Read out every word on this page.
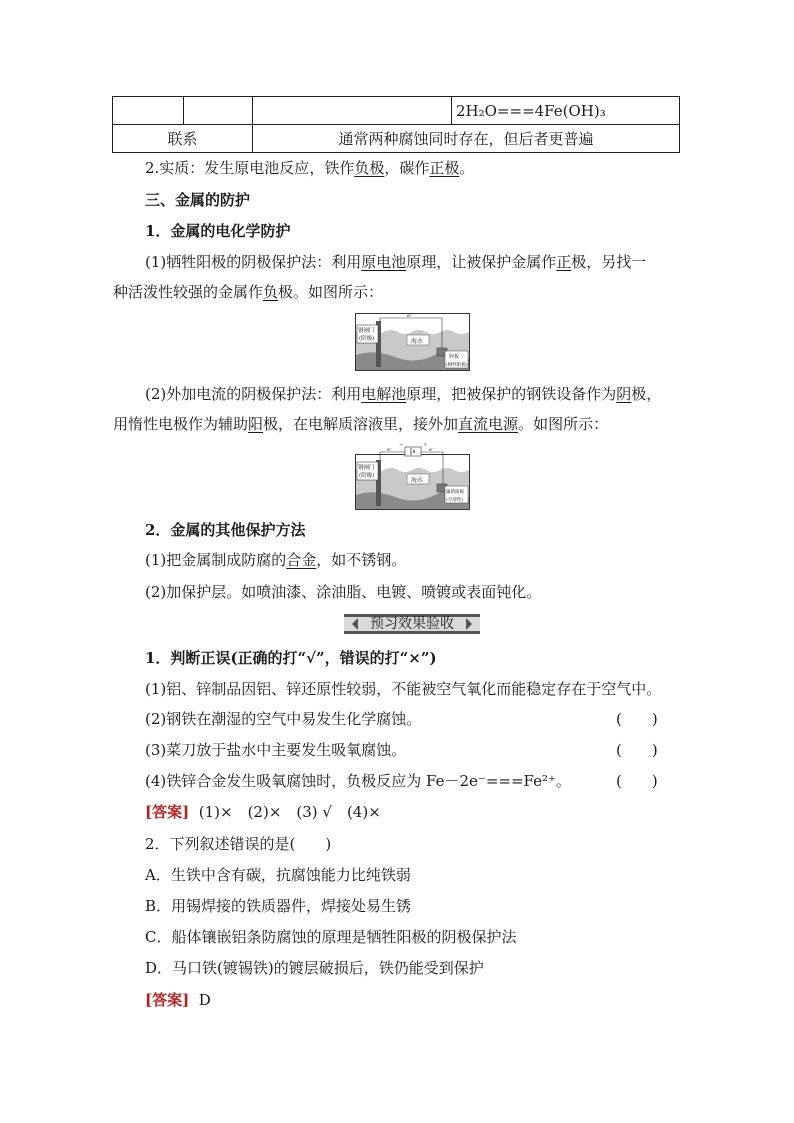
			2H₂O===4Fe(OH)₃
联系		通常两种腐蚀同时存在，但后者更普遍	
2.实质：发生原电池反应，铁作负极，碳作正极。
三、金属的防护
1．金属的电化学防护
(1)牺牲阳极的阴极保护法：利用原电池原理，让被保护金属作正极，另找一
种活泼性较强的金属作负极。如图所示：
钢闸门
(阴极)
e⁻
海水
锌板
(牺牲阳极)
(2)外加电流的阴极保护法：利用电解池原理，把被保护的钢铁设备作为阴极，
用惰性电极作为辅助阳极，在电解质溶液里，接外加直流电源。如图所示：
钢闸门
(阴极)
−	+
e⁻	e⁻
海水
辅助阳极
(不溶性)
2．金属的其他保护方法
(1)把金属制成防腐的合金，如不锈钢。
(2)加保护层。如喷油漆、涂油脂、电镀、喷镀或表面钝化。
预习效果验收
1．判断正误(正确的打“√”，错误的打“×”)
(1)铝、锌制品因铝、锌还原性较弱，不能被空气氧化而能稳定存在于空气中。
(2)钢铁在潮湿的空气中易发生化学腐蚀。	(　　)
(3)菜刀放于盐水中主要发生吸氧腐蚀。	(　　)
(4)铁锌合金发生吸氧腐蚀时，负极反应为 Fe－2e⁻===Fe²⁺。	(　　)
[答案] (1)×　(2)×　(3) √　(4)×
2．下列叙述错误的是(　　)
A．生铁中含有碳，抗腐蚀能力比纯铁弱
B．用锡焊接的铁质器件，焊接处易生锈
C．船体镶嵌铝条防腐蚀的原理是牺牲阳极的阴极保护法
D．马口铁(镀锡铁)的镀层破损后，铁仍能受到保护
[答案] D
